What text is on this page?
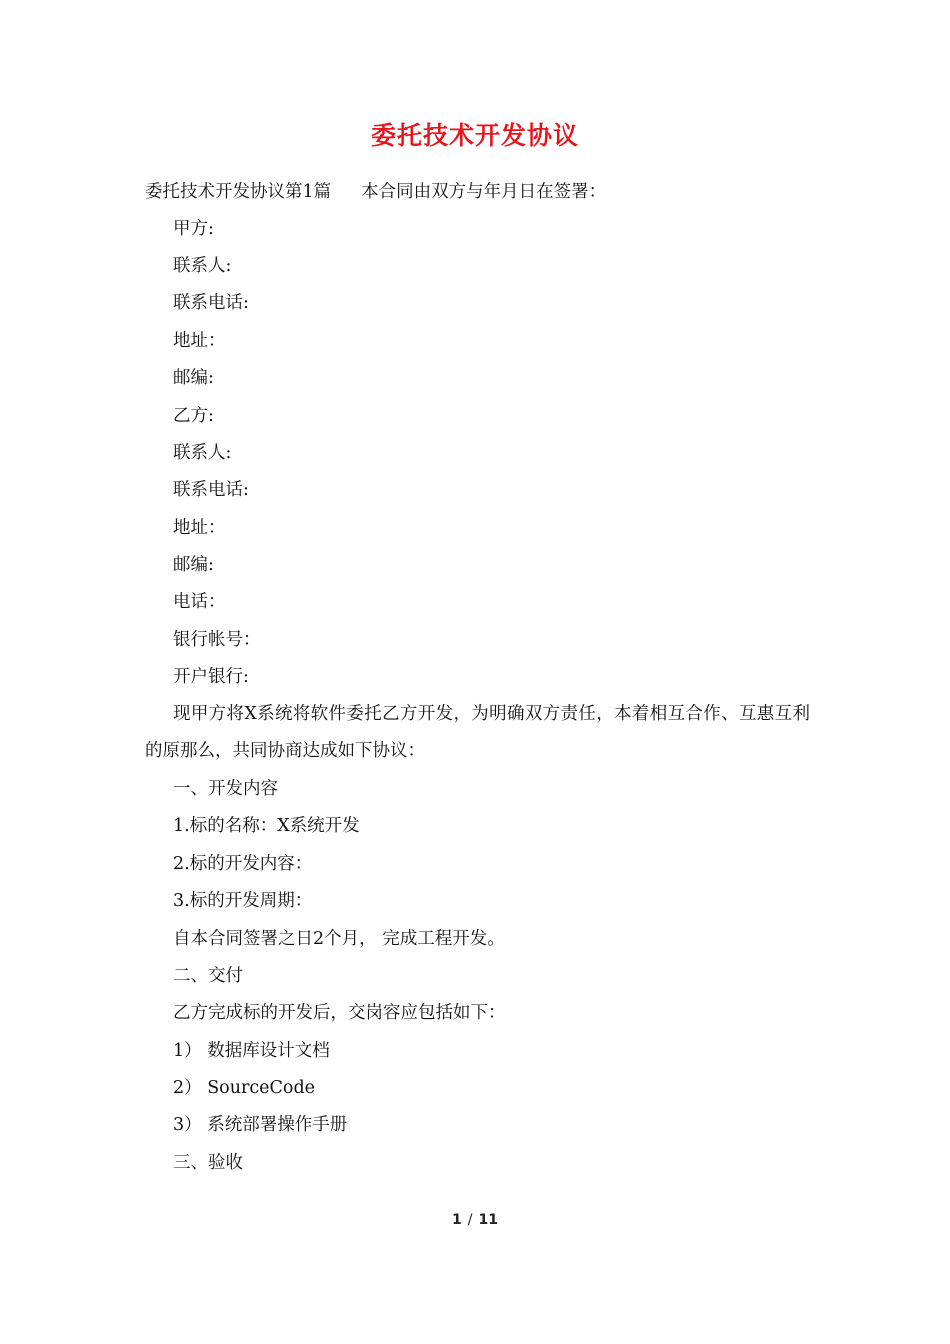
委托技术开发协议
委托技术开发协议第1篇 本合同由双方与年月日在签署：
甲方:
联系人:
联系电话:
地址：
邮编:
乙方:
联系人:
联系电话:
地址：
邮编:
电话：
银行帐号：
开户银行:
现甲方将X系统将软件委托乙方开发，为明确双方责任，本着相互合作、互惠互利的原那么，共同协商达成如下协议：
一、开发内容
1.标的名称：X系统开发
2.标的开发内容：
3.标的开发周期：
自本合同签署之日2个月， 完成工程开发。
二、交付
乙方完成标的开发后，交岗容应包括如下：
1） 数据库设计文档
2） SourceCode
3） 系统部署操作手册
三、验收
1 / 11
